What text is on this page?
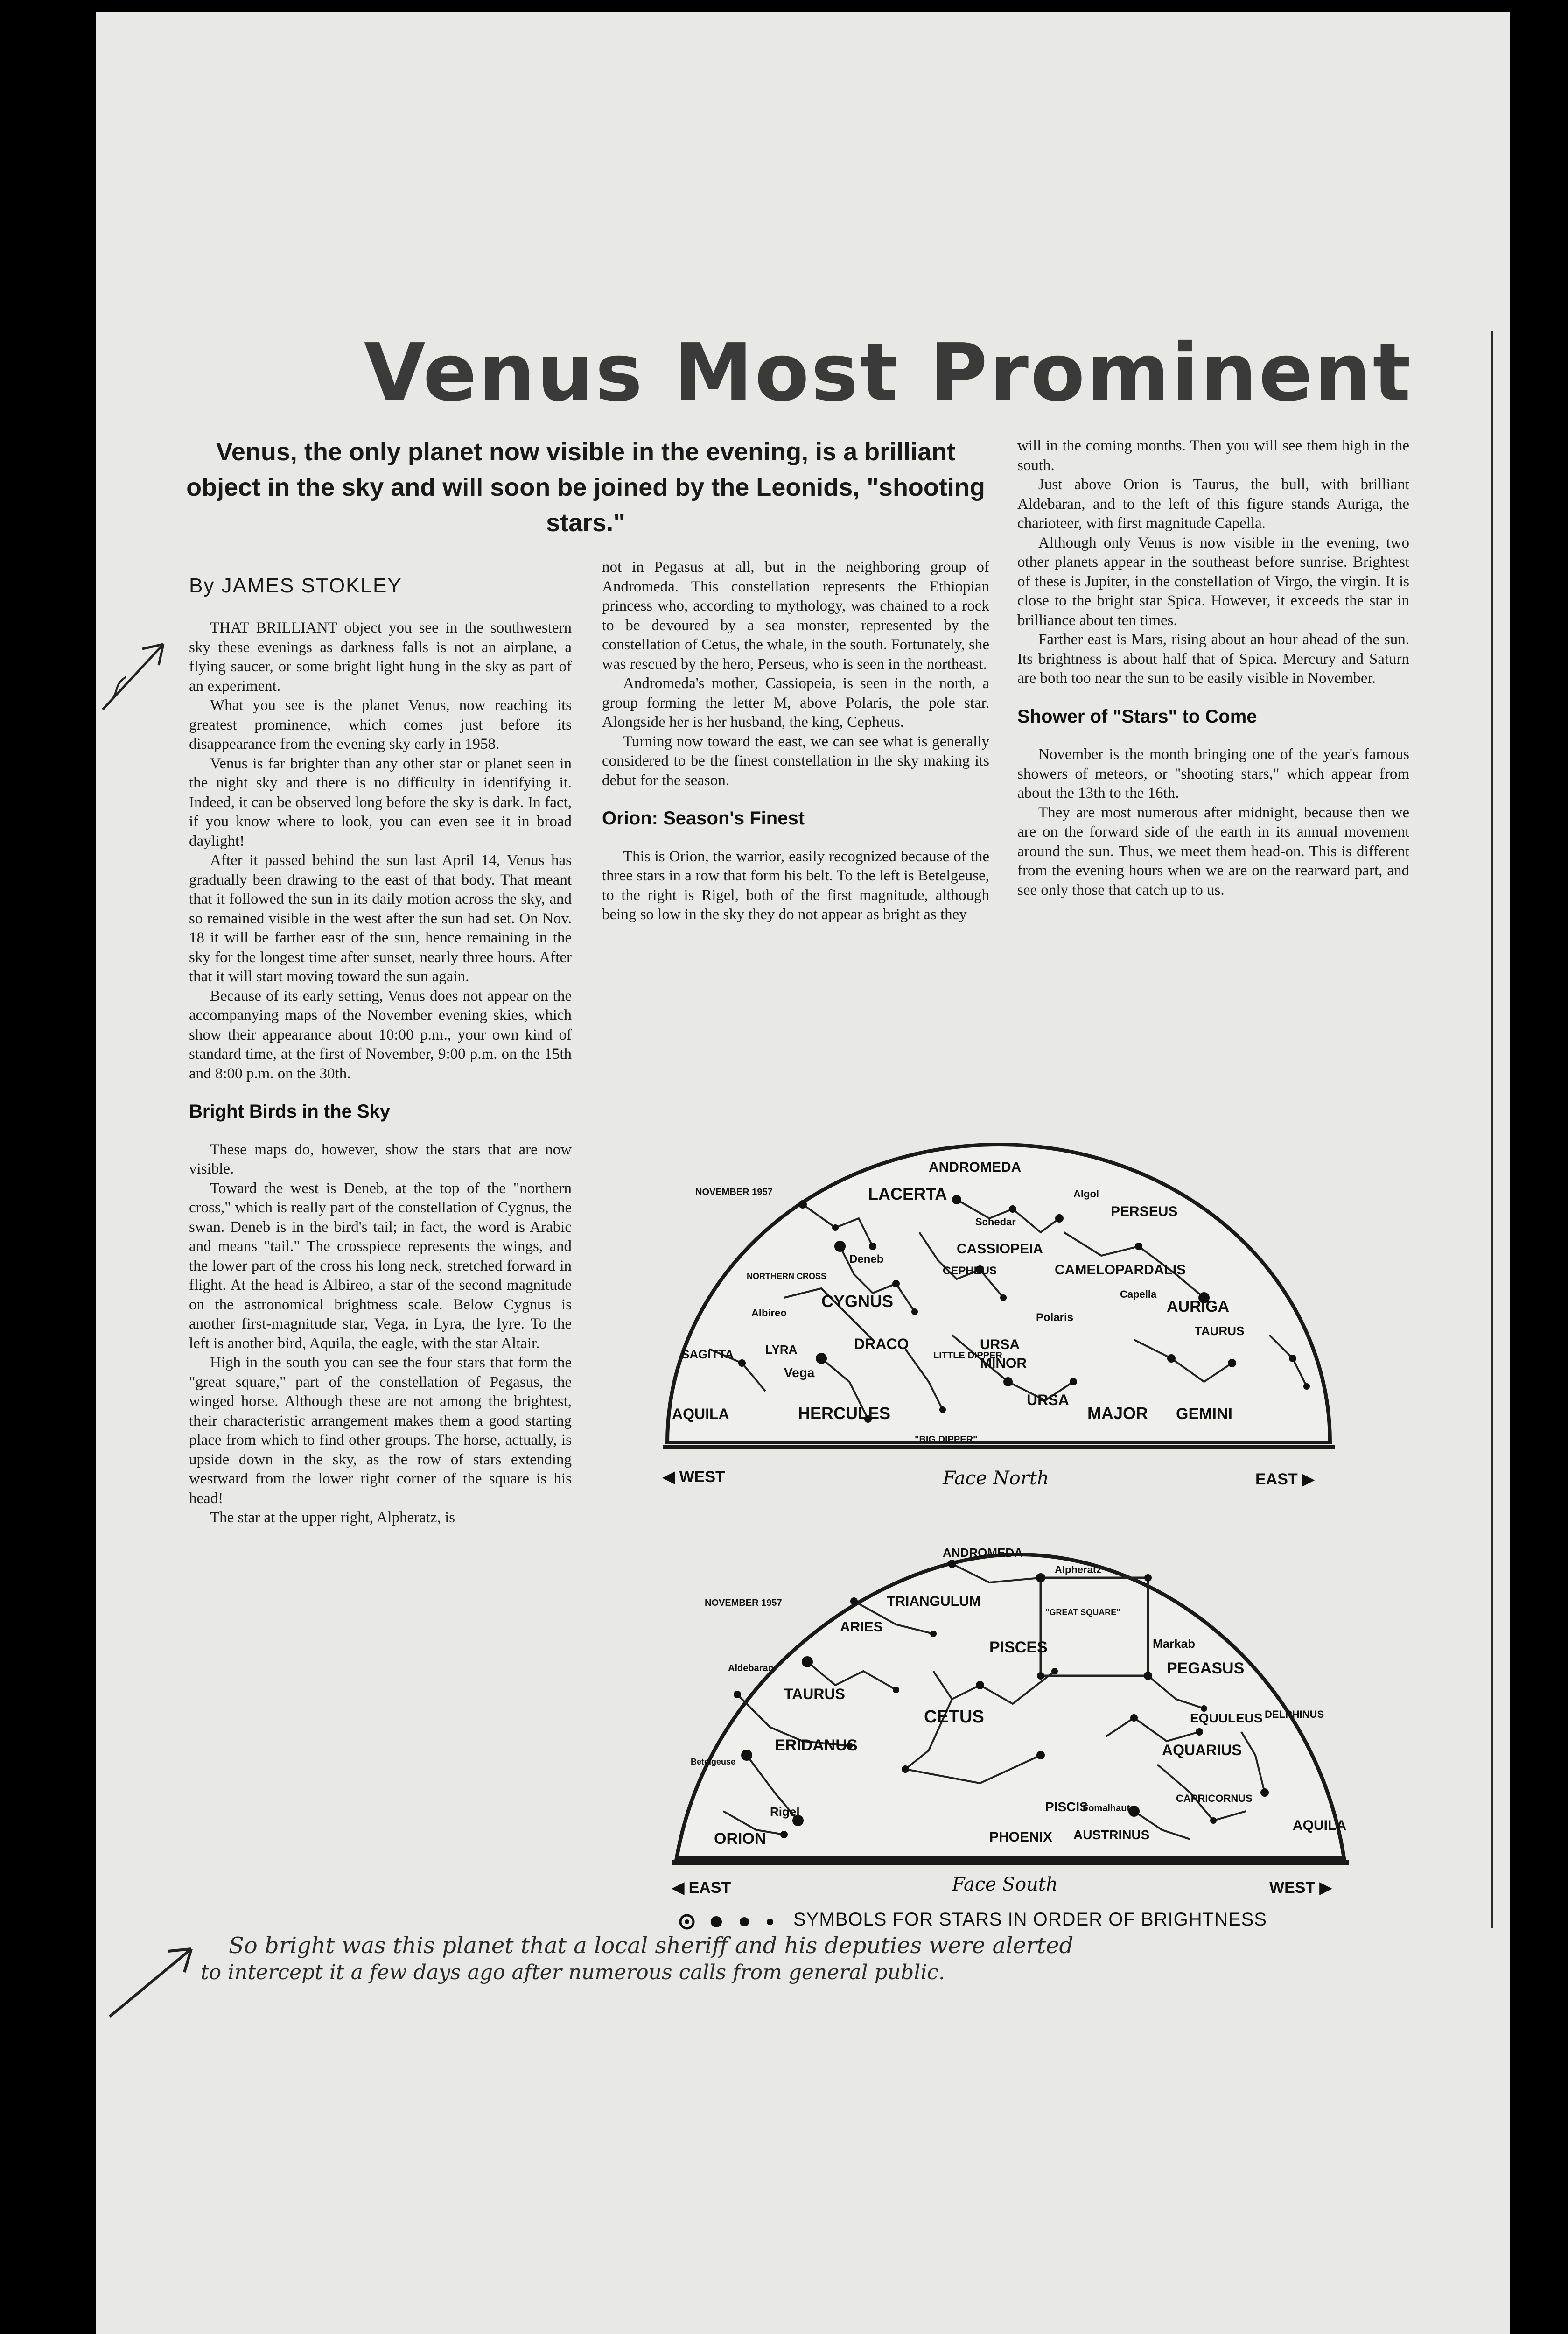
Venus Most Prominent
Venus, the only planet now visible in the evening, is a brilliant object in the sky and will soon be joined by the Leonids, "shooting stars."
By JAMES STOKLEY

THAT BRILLIANT object you see in the southwestern sky these evenings as darkness falls is not an airplane, a flying saucer, or some bright light hung in the sky as part of an experiment.

What you see is the planet Venus, now reaching its greatest prominence, which comes just before its disappearance from the evening sky early in 1958.

Venus is far brighter than any other star or planet seen in the night sky and there is no difficulty in identifying it. Indeed, it can be observed long before the sky is dark. In fact, if you know where to look, you can even see it in broad daylight!

After it passed behind the sun last April 14, Venus has gradually been drawing to the east of that body. That meant that it followed the sun in its daily motion across the sky, and so remained visible in the west after the sun had set. On Nov. 18 it will be farther east of the sun, hence remaining in the sky for the longest time after sunset, nearly three hours. After that it will start moving toward the sun again.

Because of its early setting, Venus does not appear on the accompanying maps of the November evening skies, which show their appearance about 10:00 p.m., your own kind of standard time, at the first of November, 9:00 p.m. on the 15th and 8:00 p.m. on the 30th.

Bright Birds in the Sky

These maps do, however, show the stars that are now visible.

Toward the west is Deneb, at the top of the "northern cross," which is really part of the constellation of Cygnus, the swan. Deneb is in the bird's tail; in fact, the word is Arabic and means "tail." The crosspiece represents the wings, and the lower part of the cross his long neck, stretched forward in flight. At the head is Albireo, a star of the second magnitude on the astronomical brightness scale. Below Cygnus is another first-magnitude star, Vega, in Lyra, the lyre. To the left is another bird, Aquila, the eagle, with the star Altair.

High in the south you can see the four stars that form the "great square," part of the constellation of Pegasus, the winged horse. Although these are not among the brightest, their characteristic arrangement makes them a good starting place from which to find other groups. The horse, actually, is upside down in the sky, as the row of stars extending westward from the lower right corner of the square is his head!

The star at the upper right, Alpheratz, is

not in Pegasus at all, but in the neighboring group of Andromeda. This constellation represents the Ethiopian princess who, according to mythology, was chained to a rock to be devoured by a sea monster, represented by the constellation of Cetus, the whale, in the south. Fortunately, she was rescued by the hero, Perseus, who is seen in the northeast.

Andromeda's mother, Cassiopeia, is seen in the north, a group forming the letter M, above Polaris, the pole star. Alongside her is her husband, the king, Cepheus.

Turning now toward the east, we can see what is generally considered to be the finest constellation in the sky making its debut for the season.

Orion: Season's Finest

This is Orion, the warrior, easily recognized because of the three stars in a row that form his belt. To the left is Betelgeuse, to the right is Rigel, both of the first magnitude, although being so low in the sky they do not appear as bright as they

will in the coming months. Then you will see them high in the south.

Just above Orion is Taurus, the bull, with brilliant Aldebaran, and to the left of this figure stands Auriga, the charioteer, with first magnitude Capella.

Although only Venus is now visible in the evening, two other planets appear in the southeast before sunrise. Brightest of these is Jupiter, in the constellation of Virgo, the virgin. It is close to the bright star Spica. However, it exceeds the star in brilliance about ten times.

Farther east is Mars, rising about an hour ahead of the sun. Its brightness is about half that of Spica. Mercury and Saturn are both too near the sun to be easily visible in November.

Shower of "Stars" to Come

November is the month bringing one of the year's famous showers of meteors, or "shooting stars," which appear from about the 13th to the 16th.

They are most numerous after midnight, because then we are on the forward side of the earth in its annual movement around the sun. Thus, we meet them head-on. This is different from the evening hours when we are on the rearward part, and see only those that catch up to us.

NOVEMBER 1957
ANDROMEDA
LACERTA	Algol
PERSEUS
Schedar
CASSIOPEIA
CEPHEUS	CAMELOPARDALIS
Deneb
NORTHERN CROSS
CYGNUS	Capella
AURIGA
Albireo	Polaris
LITTLE DIPPER
TAURUS
SAGITTA	LYRA	DRACO	URSA
MINOR
Vega
AQUILA	HERCULES
URSA
MAJOR GEMINI
"BIG DIPPER"
◀ WEST	Face North	EAST ▶
NOVEMBER 1957
ANDROMEDA
Alpheratz
TRIANGULUM
"GREAT SQUARE"
ARIES
Markab
PISCES
PEGASUS
Aldebaran
TAURUS
CETUS	EQUULEUS DELPHINUS
ERIDANUS	AQUARIUS
Betelgeuse
Fomalhaut
PISCIS
AUSTRINUS
CAPRICORNUS
Rigel
PHOENIX
ORION
AQUILA
◀ EAST	Face South	WEST ▶
SYMBOLS FOR STARS IN ORDER OF BRIGHTNESS
So bright was this planet that a local sheriff and his deputies were alerted
to intercept it a few days ago after numerous calls from general public.
